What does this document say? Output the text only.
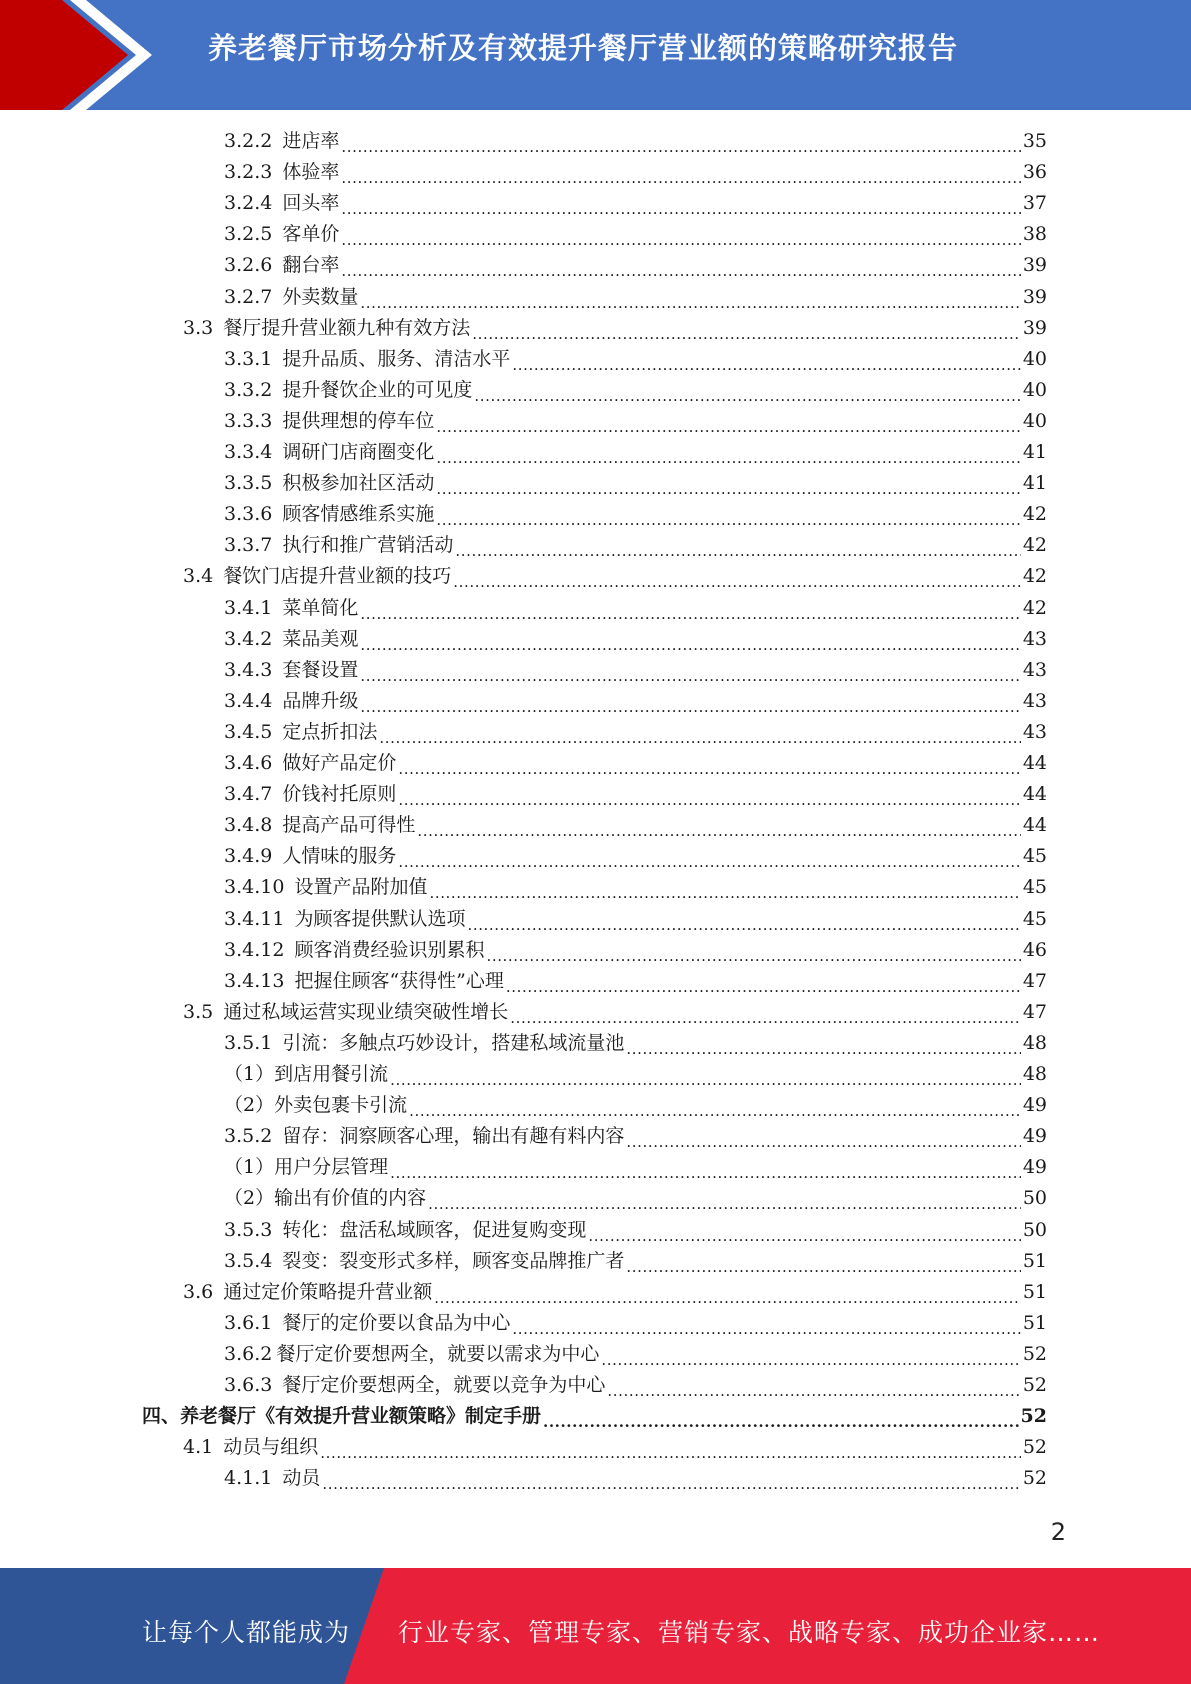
养老餐厅市场分析及有效提升餐厅营业额的策略研究报告
3.2.2 进店率 .....	35
3.2.3 体验率 .....	36
3.2.4 回头率 .....	37
3.2.5 客单价 .....	38
3.2.6 翻台率 .....	39
3.2.7 外卖数量 .....	39
3.3 餐厅提升营业额九种有效方法 .....	39
3.3.1 提升品质、服务、清洁水平 .....	40
3.3.2 提升餐饮企业的可见度 .....	40
3.3.3 提供理想的停车位 .....	40
3.3.4 调研门店商圈变化 .....	41
3.3.5 积极参加社区活动 .....	41
3.3.6 顾客情感维系实施 .....	42
3.3.7 执行和推广营销活动 .....	42
3.4 餐饮门店提升营业额的技巧 .....	42
3.4.1 菜单简化 .....	42
3.4.2 菜品美观 .....	43
3.4.3 套餐设置 .....	43
3.4.4 品牌升级 .....	43
3.4.5 定点折扣法 .....	43
3.4.6 做好产品定价 .....	44
3.4.7 价钱衬托原则 .....	44
3.4.8 提高产品可得性 .....	44
3.4.9 人情味的服务 .....	45
3.4.10 设置产品附加值 .....	45
3.4.11 为顾客提供默认选项 .....	45
3.4.12 顾客消费经验识别累积 .....	46
3.4.13 把握住顾客“获得性”心理 .....	47
3.5 通过私域运营实现业绩突破性增长 .....	47
3.5.1 引流：多触点巧妙设计，搭建私域流量池 .....	48
（1）到店用餐引流 .....	48
（2）外卖包裹卡引流 .....	49
3.5.2 留存：洞察顾客心理，输出有趣有料内容 .....	49
（1）用户分层管理 .....	49
（2）输出有价值的内容 .....	50
3.5.3 转化：盘活私域顾客，促进复购变现 .....	50
3.5.4 裂变：裂变形式多样，顾客变品牌推广者 .....	51
3.6 通过定价策略提升营业额 .....	51
3.6.1 餐厅的定价要以食品为中心 .....	51
3.6.2 餐厅定价要想两全，就要以需求为中心 .....	52
3.6.3 餐厅定价要想两全，就要以竞争为中心 .....	52
四、养老餐厅《有效提升营业额策略》制定手册 .....	52
4.1 动员与组织 .....	52
4.1.1 动员 .....	52
2
让每个人都能成为 行业专家、管理专家、营销专家、战略专家、成功企业家……
